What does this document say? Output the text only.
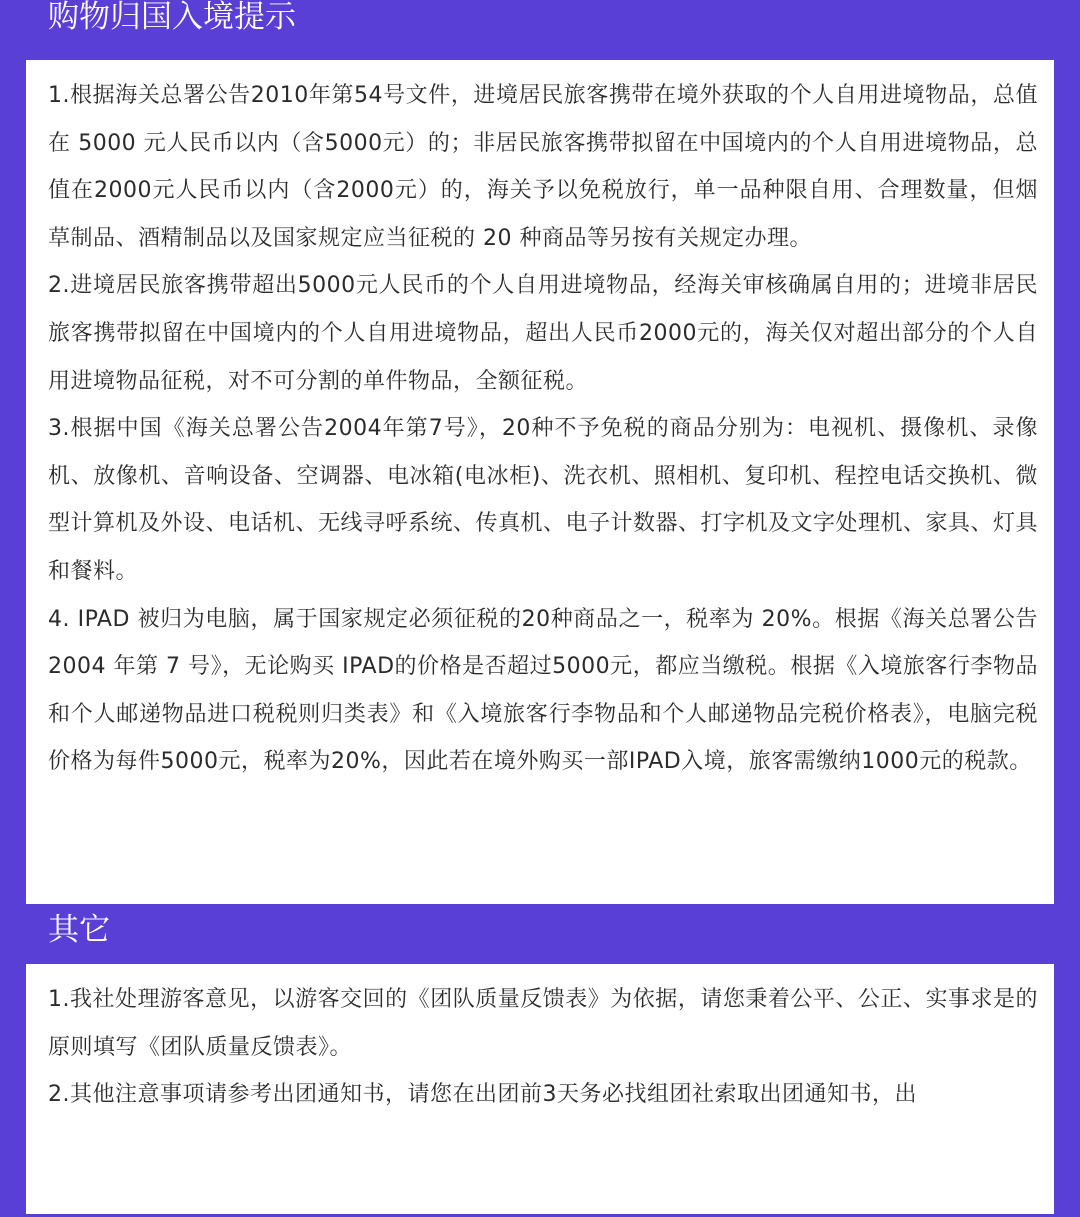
购物归国入境提示

1.根据海关总署公告2010年第54号文件，进境居民旅客携带在境外获取的个人自用进境物品，总值在 5000 元人民币以内（含5000元）的；非居民旅客携带拟留在中国境内的个人自用进境物品，总值在2000元人民币以内（含2000元）的，海关予以免税放行，单一品种限自用、合理数量，但烟草制品、酒精制品以及国家规定应当征税的 20 种商品等另按有关规定办理。

2.进境居民旅客携带超出5000元人民币的个人自用进境物品，经海关审核确属自用的；进境非居民旅客携带拟留在中国境内的个人自用进境物品，超出人民币2000元的，海关仅对超出部分的个人自用进境物品征税，对不可分割的单件物品，全额征税。

3.根据中国《海关总署公告2004年第7号》，20种不予免税的商品分别为：电视机、摄像机、录像机、放像机、音响设备、空调器、电冰箱(电冰柜)、洗衣机、照相机、复印机、程控电话交换机、微型计算机及外设、电话机、无线寻呼系统、传真机、电子计数器、打字机及文字处理机、家具、灯具和餐料。

4. IPAD 被归为电脑，属于国家规定必须征税的20种商品之一，税率为 20%。根据《海关总署公告 2004 年第 7 号》，无论购买 IPAD的价格是否超过5000元，都应当缴税。根据《入境旅客行李物品和个人邮递物品进口税税则归类表》和《入境旅客行李物品和个人邮递物品完税价格表》，电脑完税价格为每件5000元，税率为20%，因此若在境外购买一部IPAD入境，旅客需缴纳1000元的税款。

其它

1.我社处理游客意见，以游客交回的《团队质量反馈表》为依据，请您秉着公平、公正、实事求是的原则填写《团队质量反馈表》。

2.其他注意事项请参考出团通知书，请您在出团前3天务必找组团社索取出团通知书，出
